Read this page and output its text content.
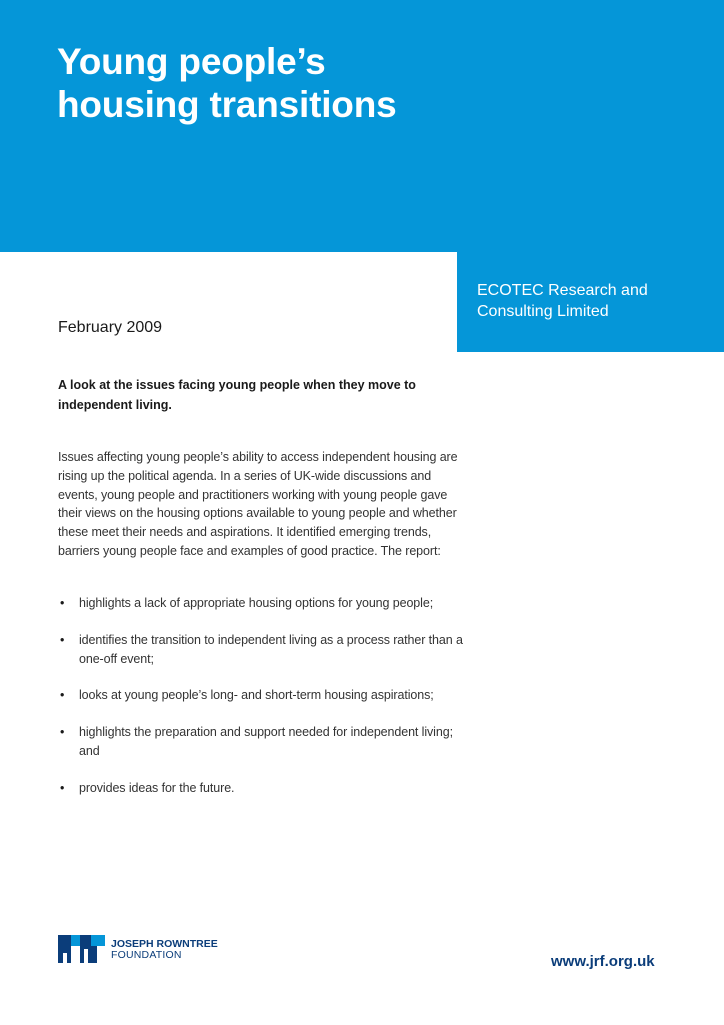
Young people’s
housing transitions

ECOTEC Research and
Consulting Limited

February 2009

A look at the issues facing young people when they move to independent living.

Issues affecting young people’s ability to access independent housing are rising up the political agenda. In a series of UK-wide discussions and events, young people and practitioners working with young people gave their views on the housing options available to young people and whether these meet their needs and aspirations. It identified emerging trends, barriers young people face and examples of good practice. The report:

• highlights a lack of appropriate housing options for young people;
• identifies the transition to independent living as a process rather than a one-off event;
• looks at young people’s long- and short-term housing aspirations;
• highlights the preparation and support needed for independent living; and
• provides ideas for the future.
JOSEPH ROWNTREE
FOUNDATION	www.jrf.org.uk
